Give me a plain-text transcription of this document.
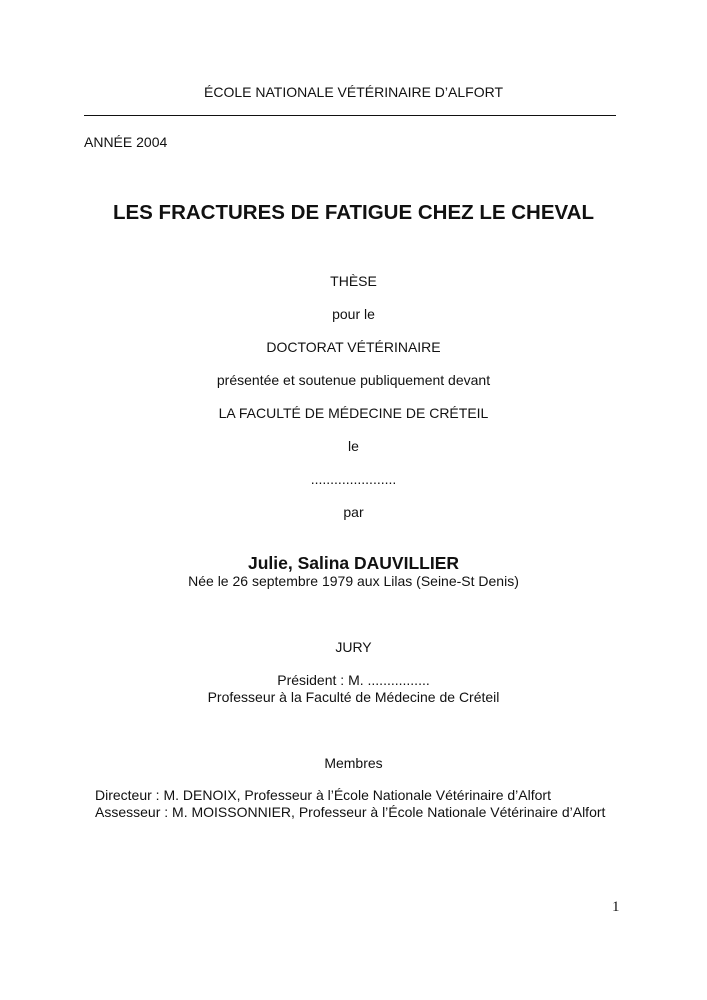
ÉCOLE NATIONALE VÉTÉRINAIRE D’ALFORT
ANNÉE 2004
LES FRACTURES DE FATIGUE CHEZ LE CHEVAL
THÈSE
pour le
DOCTORAT VÉTÉRINAIRE
présentée et soutenue publiquement devant
LA FACULTÉ DE MÉDECINE DE CRÉTEIL
le
......................
par
Julie, Salina DAUVILLIER
Née le 26 septembre 1979 aux Lilas (Seine-St Denis)
JURY
Président : M. ................
Professeur à la Faculté de Médecine de Créteil
Membres
Directeur : M. DENOIX, Professeur à l’École Nationale Vétérinaire d’Alfort
Assesseur : M. MOISSONNIER, Professeur à l’École Nationale Vétérinaire d’Alfort
1
